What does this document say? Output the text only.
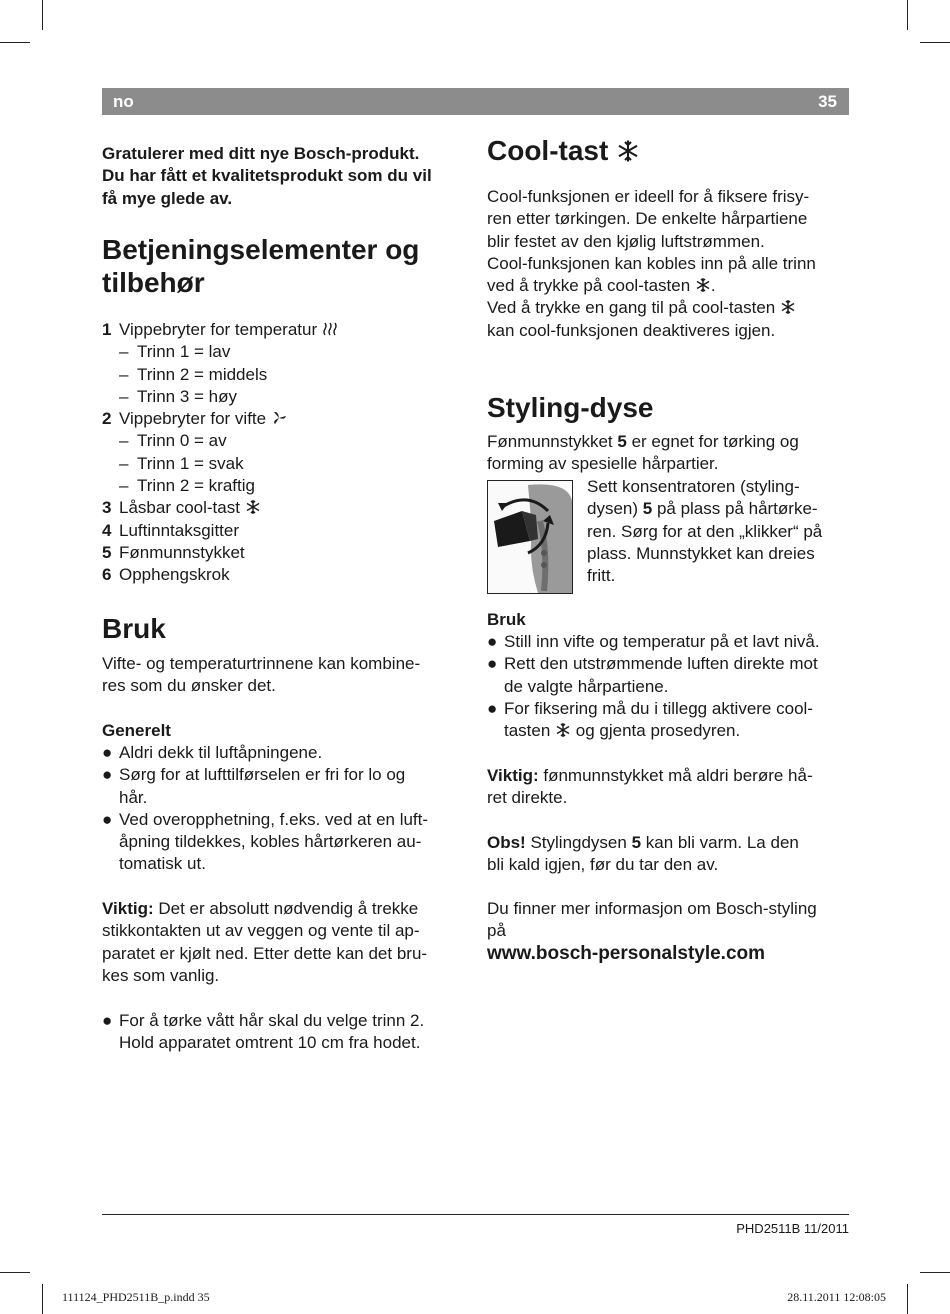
no	35
Gratulerer med ditt nye Bosch-produkt.
Du har fått et kvalitetsprodukt som du vil
få mye glede av.
Betjeningselementer og
tilbehør
1 Vippebryter for temperatur
– Trinn 1 = lav
– Trinn 2 = middels
– Trinn 3 = høy
2 Vippebryter for vifte
– Trinn 0 = av
– Trinn 1 = svak
– Trinn 2 = kraftig
3 Låsbar cool-tast
4 Luftinntaksgitter
5 Fønmunnstykket
6 Opphengskrok
Bruk
Vifte- og temperaturtrinnene kan kombine-
res som du ønsker det.
Generelt
● Aldri dekk til luftåpningene.
● Sørg for at lufttilførselen er fri for lo og
hår.
● Ved overopphetning, f.eks. ved at en luft-
åpning tildekkes, kobles hårtørkeren au-
tomatisk ut.
Viktig: Det er absolutt nødvendig å trekke
stikkontakten ut av veggen og vente til ap-
paratet er kjølt ned. Etter dette kan det bru-
kes som vanlig.
● For å tørke vått hår skal du velge trinn 2.
Hold apparatet omtrent 10 cm fra hodet.
Cool-tast
Cool-funksjonen er ideell for å fiksere frisy-
ren etter tørkingen. De enkelte hårpartiene
blir festet av den kjølig luftstrømmen.
Cool-funksjonen kan kobles inn på alle trinn
ved å trykke på cool-tasten .
Ved å trykke en gang til på cool-tasten
kan cool-funksjonen deaktiveres igjen.
Styling-dyse
Fønmunnstykket 5 er egnet for tørking og
forming av spesielle hårpartier.
Sett konsentratoren (styling-
dysen) 5 på plass på hårtørke-
ren. Sørg for at den „klikker“ på
plass. Munnstykket kan dreies
fritt.
Bruk
● Still inn vifte og temperatur på et lavt nivå.
● Rett den utstrømmende luften direkte mot
de valgte hårpartiene.
● For fiksering må du i tillegg aktivere cool-
tasten  og gjenta prosedyren.
Viktig: fønmunnstykket må aldri berøre hå-
ret direkte.
Obs! Stylingdysen 5 kan bli varm. La den
bli kald igjen, før du tar den av.
Du finner mer informasjon om Bosch-styling
på
www.bosch-personalstyle.com
PHD2511B 11/2011
111124_PHD2511B_p.indd 35	28.11.2011 12:08:05
